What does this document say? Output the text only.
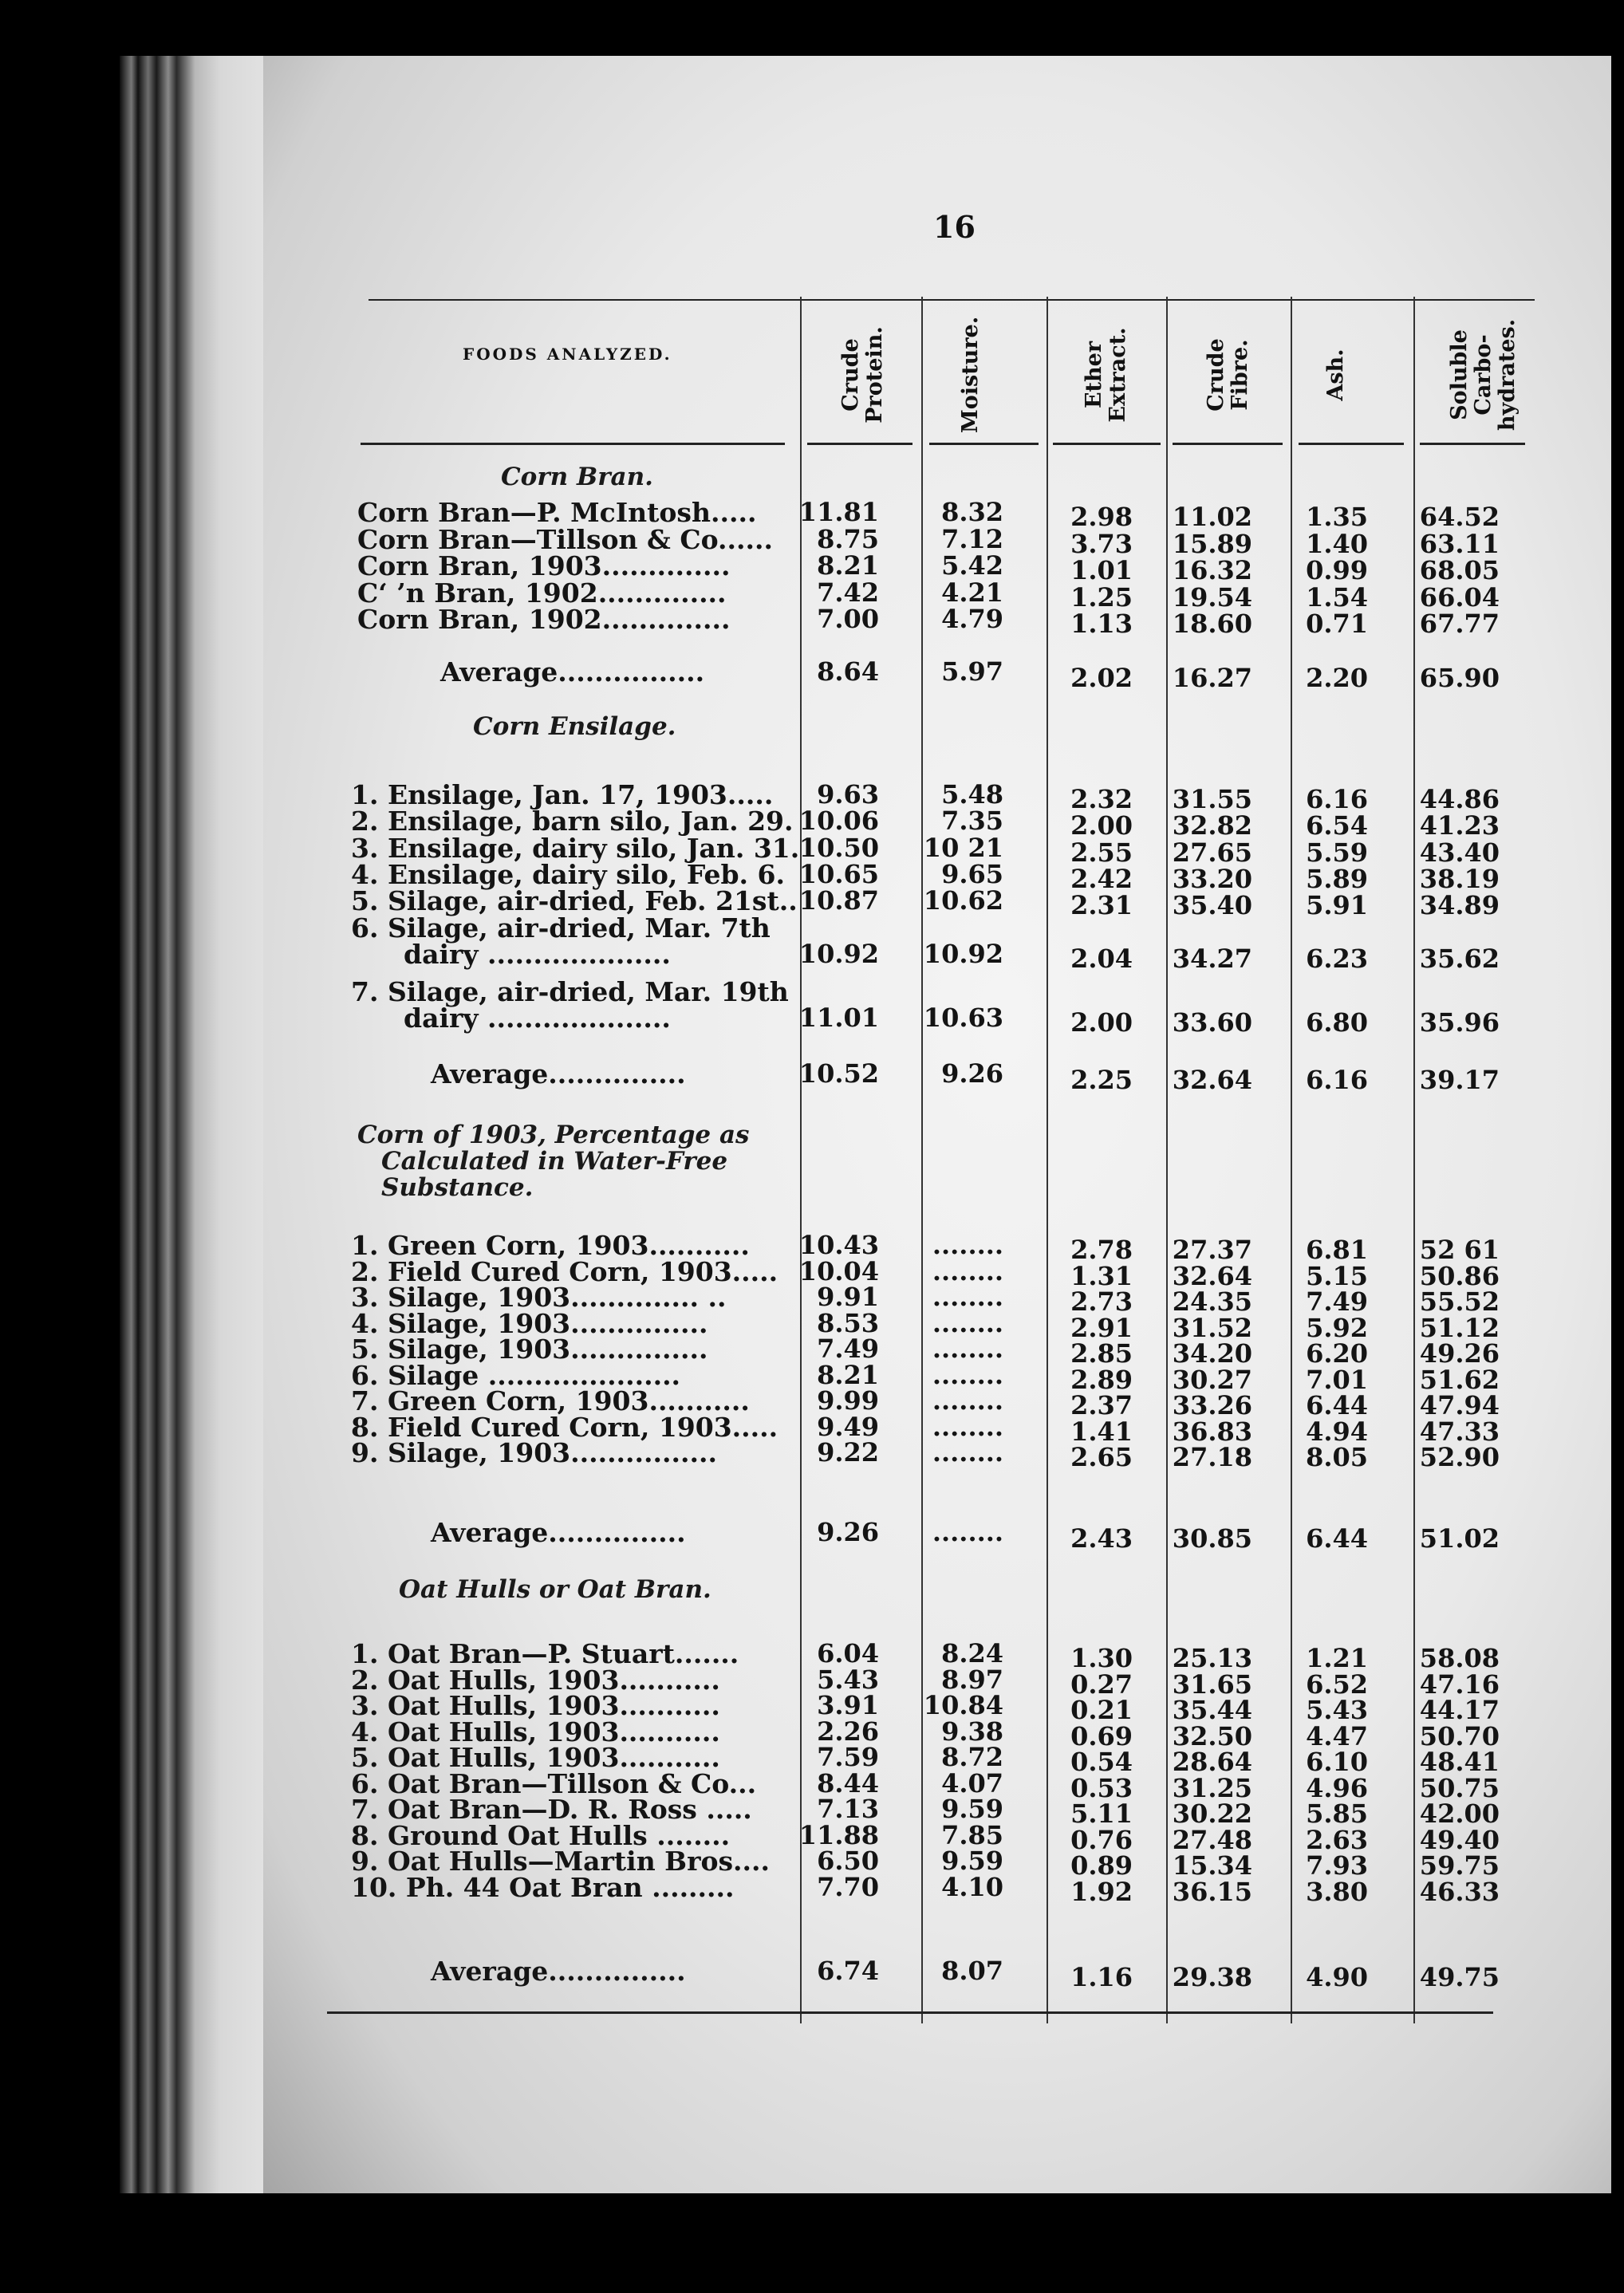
16
FOODS ANALYZED.	Crude Protein.	Moisture.	Ether Extract.	Crude Fibre.	Ash.	Soluble Carbo-hydrates.
Corn Bran.
Corn Bran—P. McIntosh.....	11.81	8.32	2.98	11.02	1.35	64.52
Corn Bran—Tillson & Co......	8.75	7.12	3.73	15.89	1.40	63.11
Corn Bran, 1903..............	8.21	5.42	1.01	16.32	0.99	68.05
C‘ ’n Bran, 1902..............	7.42	4.21	1.25	19.54	1.54	66.04
Corn Bran, 1902..............	7.00	4.79	1.13	18.60	0.71	67.77
Average................	8.64	5.97	2.02	16.27	2.20	65.90
Corn Ensilage.
1. Ensilage, Jan. 17, 1903.....	9.63	5.48	2.32	31.55	6.16	44.86
2. Ensilage, barn silo, Jan. 29. 10.06	7.35	2.00	32.82	6.54	41.23
3. Ensilage, dairy silo, Jan. 31. 10.50	10 21	2.55	27.65	5.59	43.40
4. Ensilage, dairy silo, Feb. 6. 10.65	9.65	2.42	33.20	5.89	38.19
5. Silage, air-dried, Feb. 21st.. 10.87	10.62	2.31	35.40	5.91	34.89
6. Silage, air-dried, Mar. 7th
dairy ....................	10.92	10.92	2.04	34.27	6.23	35.62
7. Silage, air-dried, Mar. 19th
dairy ....................	11.01	10.63	2.00	33.60	6.80	35.96
Average...............	10.52	9.26	2.25	32.64	6.16	39.17
Corn of 1903, Percentage as
Calculated in Water-Free
Substance.
1. Green Corn, 1903...........	10.43	........	2.78	27.37	6.81	52 61
2. Field Cured Corn, 1903..... 10.04	........	1.31	32.64	5.15	50.86
3. Silage, 1903.............. ..	9.91	........	2.73	24.35	7.49	55.52
4. Silage, 1903...............	8.53	........	2.91	31.52	5.92	51.12
5. Silage, 1903...............	7.49	........	2.85	34.20	6.20	49.26
6. Silage .....................	8.21	........	2.89	30.27	7.01	51.62
7. Green Corn, 1903...........	9.99	........	2.37	33.26	6.44	47.94
8. Field Cured Corn, 1903.....	9.49	........	1.41	36.83	4.94	47.33
9. Silage, 1903................	9.22	........	2.65	27.18	8.05	52.90
Average...............	9.26	........	2.43	30.85	6.44	51.02
Oat Hulls or Oat Bran.
1. Oat Bran—P. Stuart.......	6.04	8.24	1.30	25.13	1.21	58.08
2. Oat Hulls, 1903...........	5.43	8.97	0.27	31.65	6.52	47.16
3. Oat Hulls, 1903...........	3.91	10.84	0.21	35.44	5.43	44.17
4. Oat Hulls, 1903...........	2.26	9.38	0.69	32.50	4.47	50.70
5. Oat Hulls, 1903...........	7.59	8.72	0.54	28.64	6.10	48.41
6. Oat Bran—Tillson & Co...	8.44	4.07	0.53	31.25	4.96	50.75
7. Oat Bran—D. R. Ross .....	7.13	9.59	5.11	30.22	5.85	42.00
8. Ground Oat Hulls ........	11.88	7.85	0.76	27.48	2.63	49.40
9. Oat Hulls—Martin Bros....	6.50	9.59	0.89	15.34	7.93	59.75
10. Ph. 44 Oat Bran .........	7.70	4.10	1.92	36.15	3.80	46.33
Average...............	6.74	8.07	1.16	29.38	4.90	49.75
